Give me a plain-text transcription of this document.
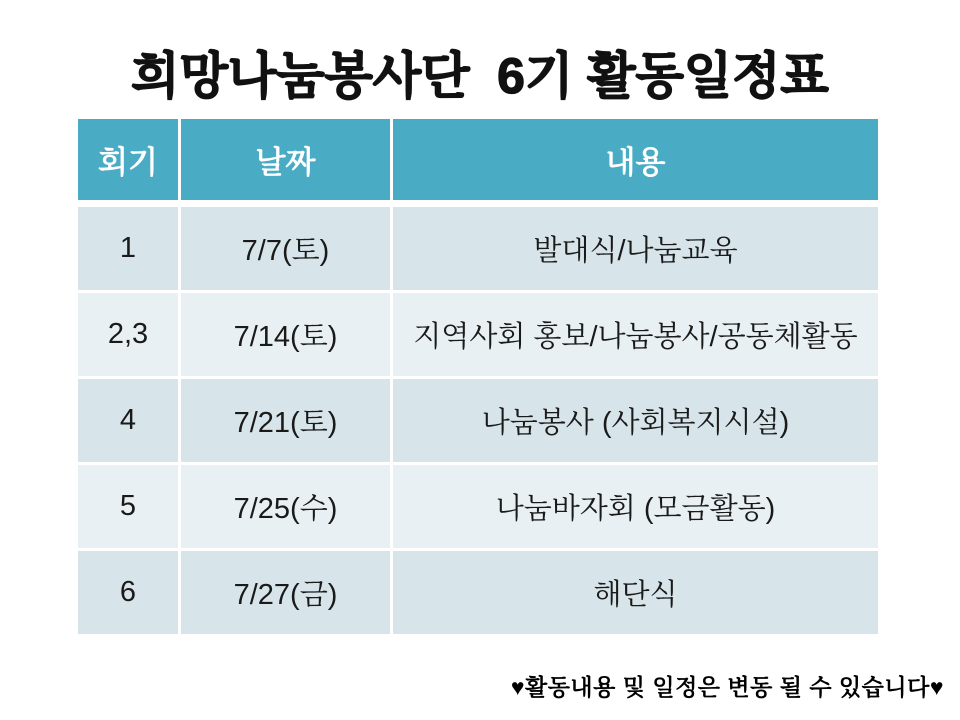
희망나눔봉사단  6기 활동일정표
회기	날짜	내용
1	7/7(토)	발대식/나눔교육
2,3	7/14(토)	지역사회 홍보/나눔봉사/공동체활동
4	7/21(토)	나눔봉사 (사회복지시설)
5	7/25(수)	나눔바자회 (모금활동)
6	7/27(금)	해단식
♥활동내용 및 일정은 변동 될 수 있습니다♥
